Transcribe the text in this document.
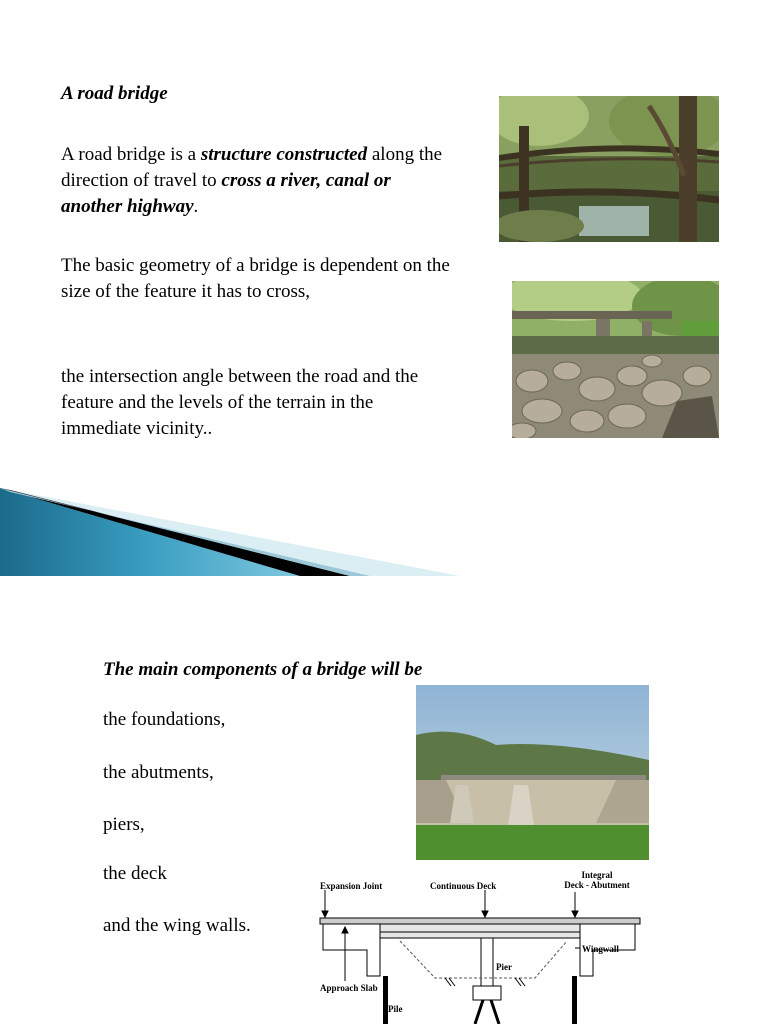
A road bridge
A road bridge is a structure constructed along the direction of travel to cross a river, canal or another highway.
The basic geometry of a bridge is dependent on the size of the feature it has to cross,
the intersection angle between the road and the feature and the levels of the terrain in the immediate vicinity..
The main components of a bridge will be
the foundations,
the abutments,
piers,
the deck
and the wing walls.
Expansion Joint	Continuous Deck
Integral
Deck - Abutment
Wingwall
Pier
Approach Slab
Pile
